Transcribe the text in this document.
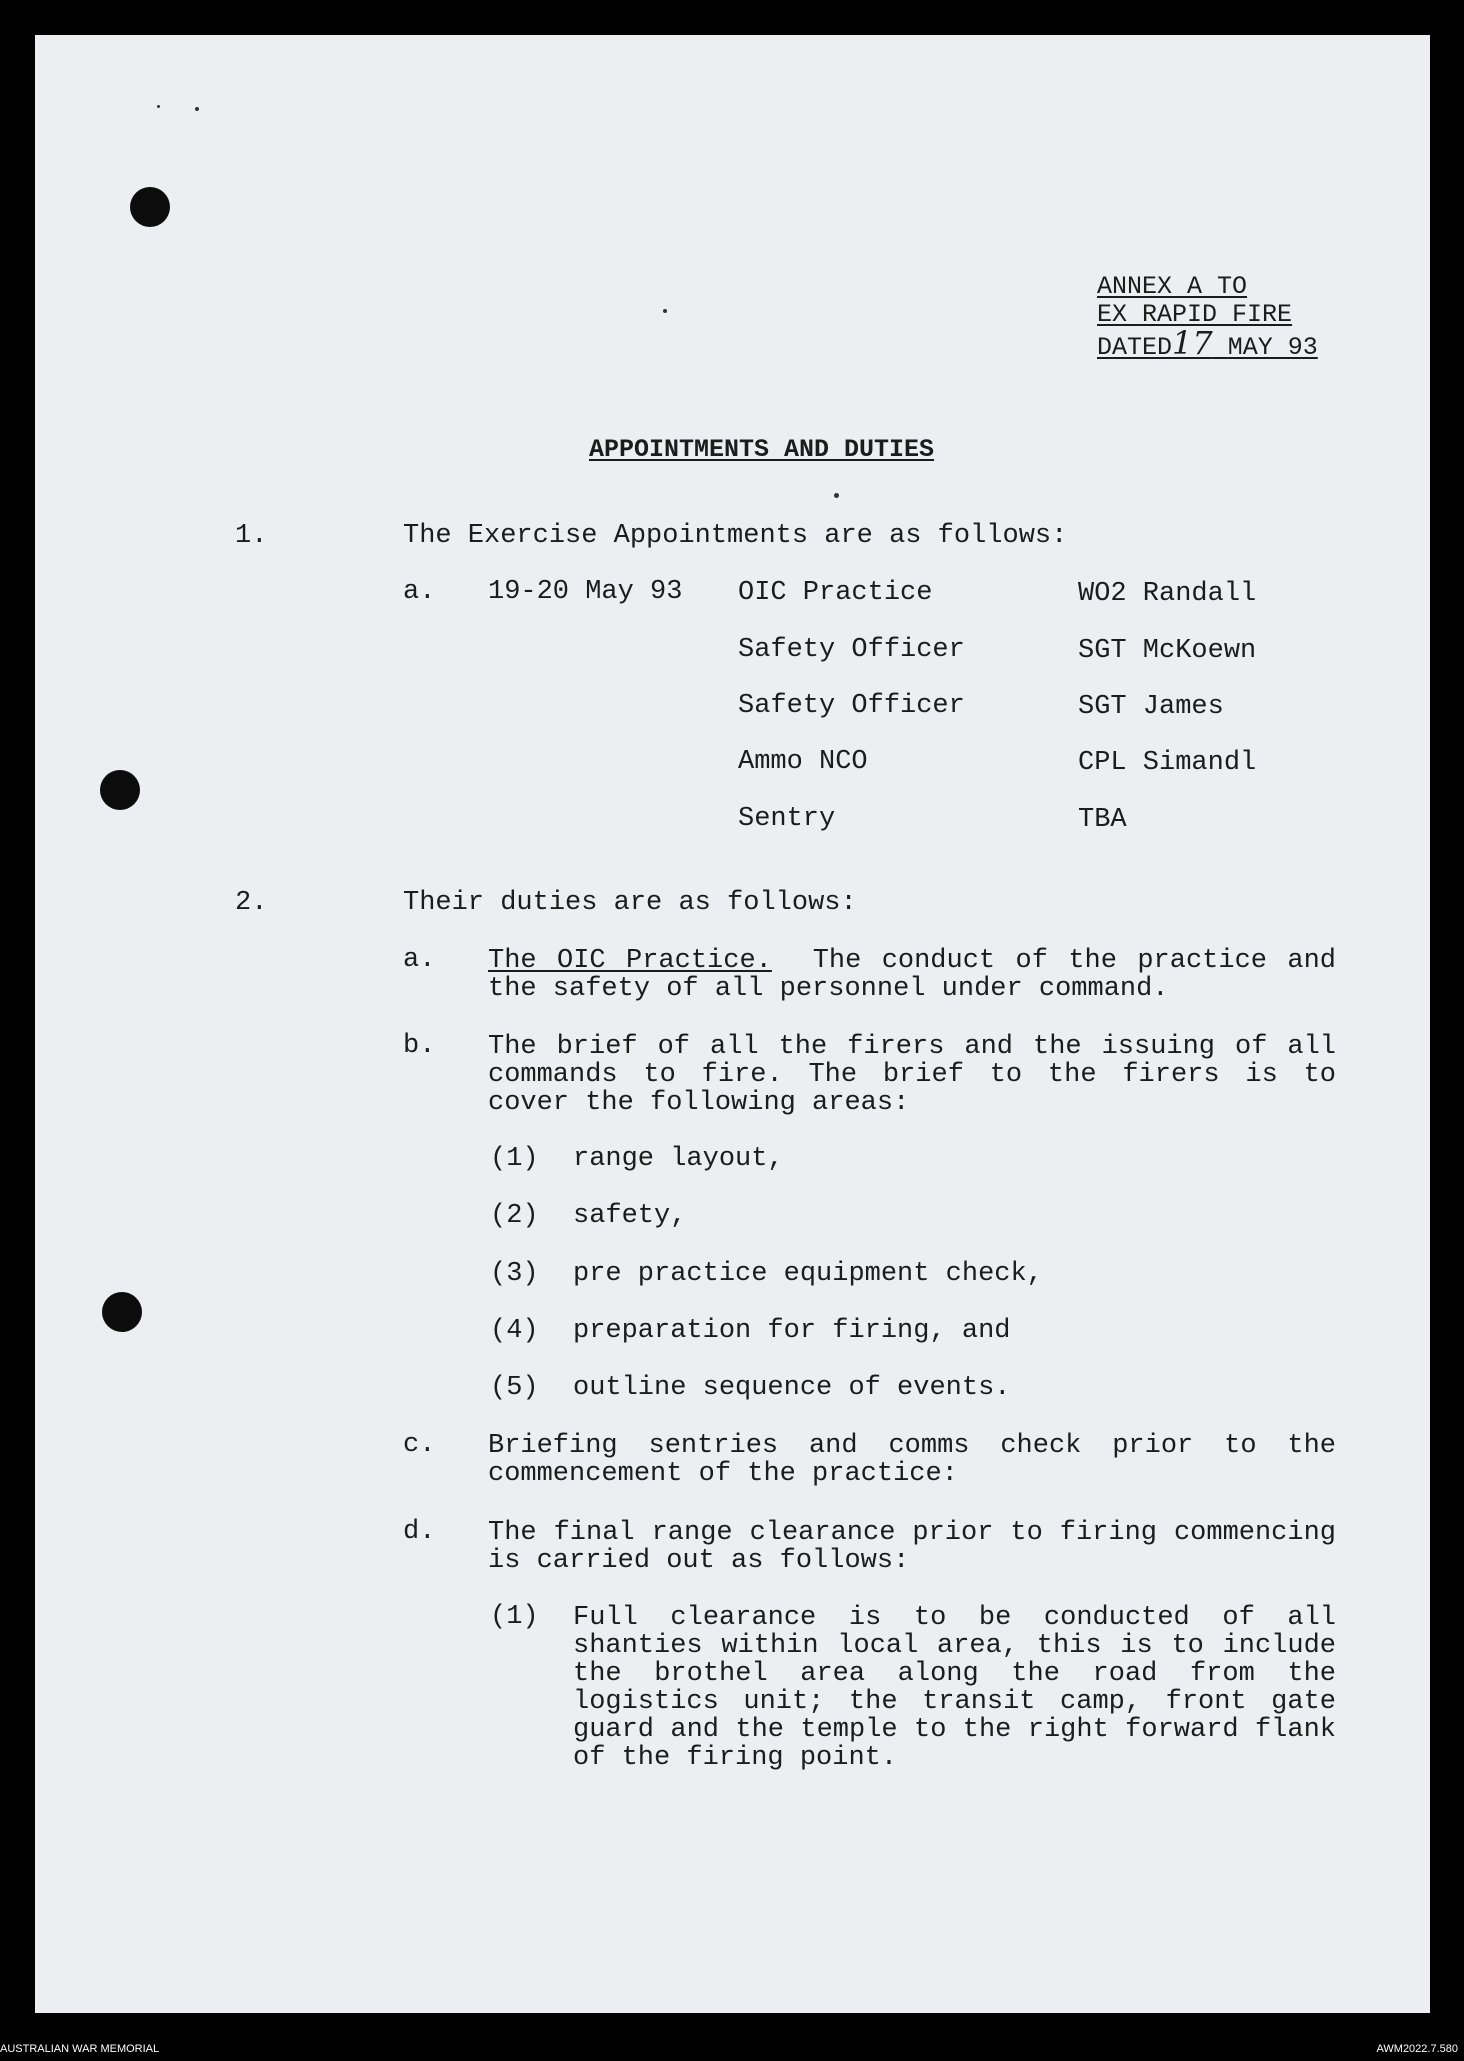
ANNEX A TO
EX RAPID FIRE
DATED17 MAY 93
APPOINTMENTS AND DUTIES
1.	The Exercise Appointments are as follows:
a. 19-20 May 93 OIC Practice	WO2 Randall
Safety Officer	SGT McKoewn
Safety Officer	SGT James
Ammo NCO	CPL Simandl
Sentry	TBA
2.	Their duties are as follows:
a. The OIC Practice. The conduct of the practice and the safety of all personnel under command.
b. The brief of all the firers and the issuing of all commands to fire. The brief to the firers is to cover the following areas:
(1) range layout,
(2) safety,
(3) pre practice equipment check,
(4) preparation for firing, and
(5) outline sequence of events.
c. Briefing sentries and comms check prior to the commencement of the practice:
d. The final range clearance prior to firing commencing is carried out as follows:
(1) Full clearance is to be conducted of all shanties within local area, this is to include the brothel area along the road from the logistics unit; the transit camp, front gate guard and the temple to the right forward flank of the firing point.
AUSTRALIAN WAR MEMORIAL	AWM2022.7.580
